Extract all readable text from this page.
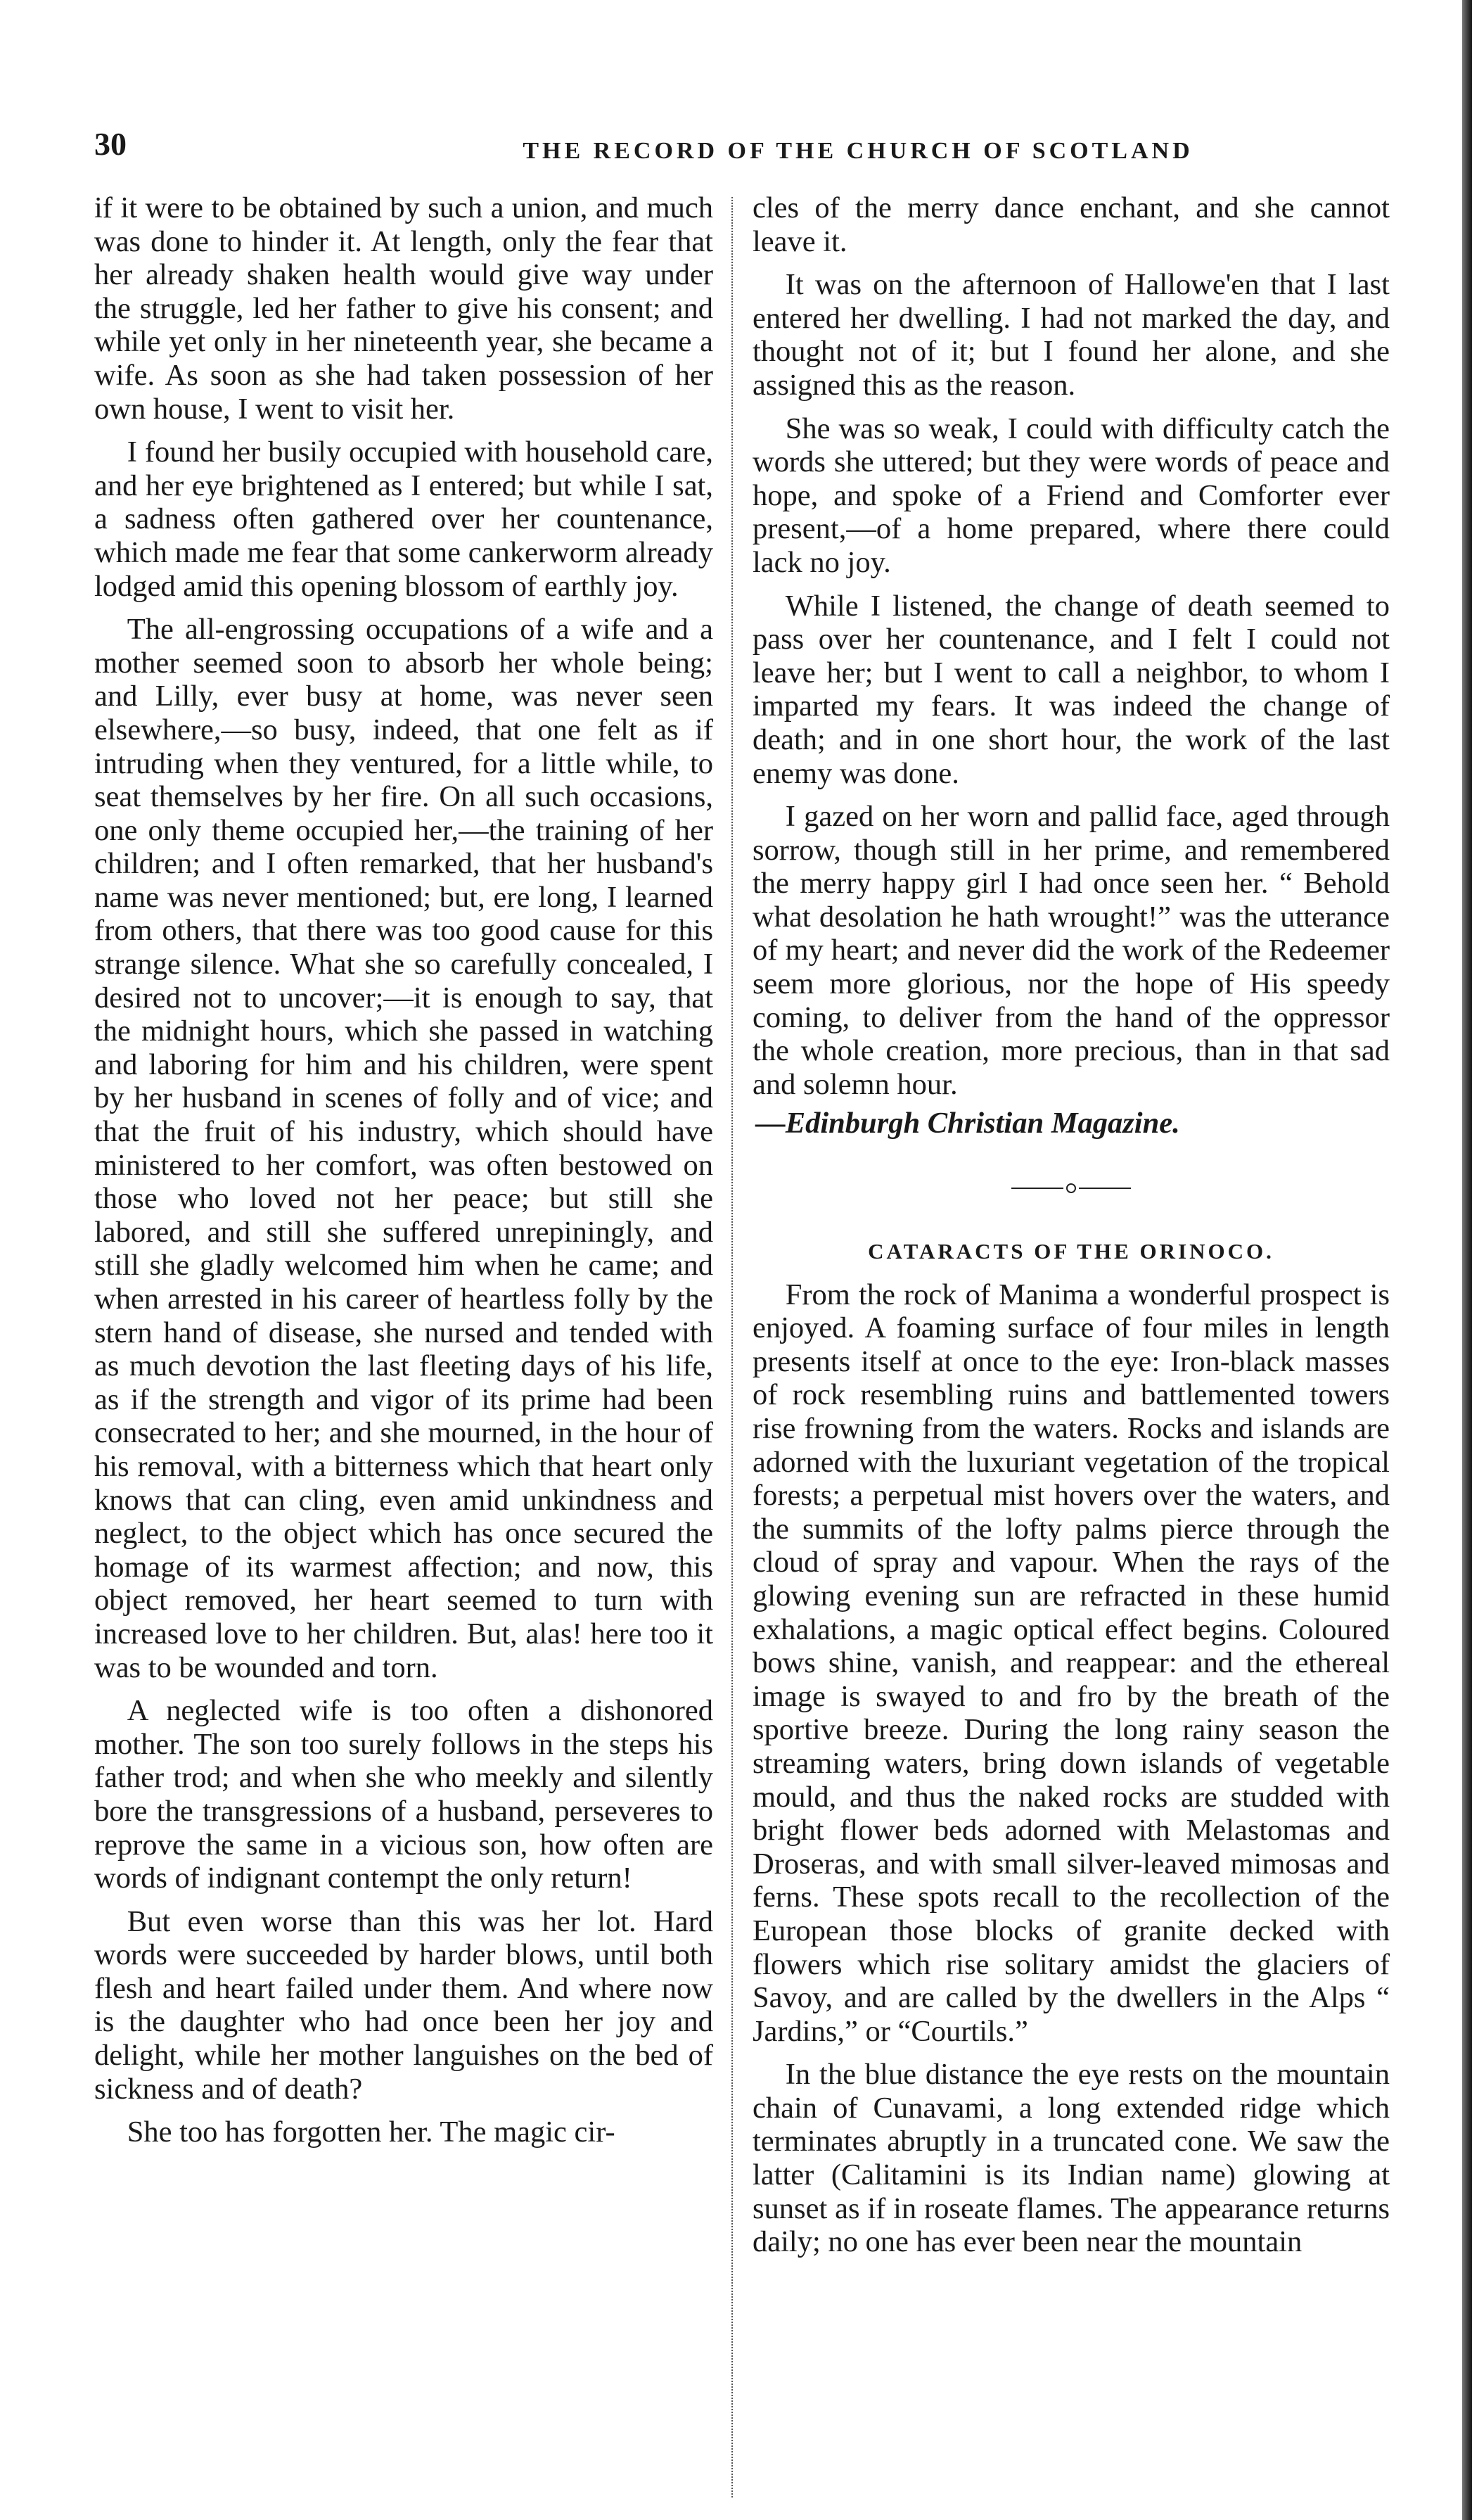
30	THE RECORD OF THE CHURCH OF SCOTLAND

if it were to be obtained by such a union, and much was done to hinder it. At length, only the fear that her already shaken health would give way under the struggle, led her father to give his consent; and while yet only in her nineteenth year, she became a wife. As soon as she had taken possession of her own house, I went to visit her.

I found her busily occupied with household care, and her eye brightened as I entered; but while I sat, a sadness often gathered over her countenance, which made me fear that some cankerworm already lodged amid this opening blossom of earthly joy.

The all-engrossing occupations of a wife and a mother seemed soon to absorb her whole being; and Lilly, ever busy at home, was never seen elsewhere,—so busy, indeed, that one felt as if intruding when they ventured, for a little while, to seat themselves by her fire. On all such occasions, one only theme occupied her,—the training of her children; and I often remarked, that her husband's name was never mentioned; but, ere long, I learned from others, that there was too good cause for this strange silence. What she so carefully concealed, I desired not to uncover;—it is enough to say, that the midnight hours, which she passed in watching and laboring for him and his children, were spent by her husband in scenes of folly and of vice; and that the fruit of his industry, which should have ministered to her comfort, was often bestowed on those who loved not her peace; but still she labored, and still she suffered unrepiningly, and still she gladly welcomed him when he came; and when arrested in his career of heartless folly by the stern hand of disease, she nursed and tended with as much devotion the last fleeting days of his life, as if the strength and vigor of its prime had been consecrated to her; and she mourned, in the hour of his removal, with a bitterness which that heart only knows that can cling, even amid unkindness and neglect, to the object which has once secured the homage of its warmest affection; and now, this object removed, her heart seemed to turn with increased love to her children. But, alas! here too it was to be wounded and torn.

A neglected wife is too often a dishonored mother. The son too surely follows in the steps his father trod; and when she who meekly and silently bore the transgressions of a husband, perseveres to reprove the same in a vicious son, how often are words of indignant contempt the only return!

But even worse than this was her lot. Hard words were succeeded by harder blows, until both flesh and heart failed under them. And where now is the daughter who had once been her joy and delight, while her mother languishes on the bed of sickness and of death?

She too has forgotten her. The magic cir-

cles of the merry dance enchant, and she cannot leave it.

It was on the afternoon of Hallowe'en that I last entered her dwelling. I had not marked the day, and thought not of it; but I found her alone, and she assigned this as the reason.

She was so weak, I could with difficulty catch the words she uttered; but they were words of peace and hope, and spoke of a Friend and Comforter ever present,—of a home prepared, where there could lack no joy.

While I listened, the change of death seemed to pass over her countenance, and I felt I could not leave her; but I went to call a neighbor, to whom I imparted my fears. It was indeed the change of death; and in one short hour, the work of the last enemy was done.

I gazed on her worn and pallid face, aged through sorrow, though still in her prime, and remembered the merry happy girl I had once seen her. “ Behold what desolation he hath wrought!” was the utterance of my heart; and never did the work of the Redeemer seem more glorious, nor the hope of His speedy coming, to deliver from the hand of the oppressor the whole creation, more precious, than in that sad and solemn hour.

—Edinburgh Christian Magazine.
CATARACTS OF THE ORINOCO.

From the rock of Manima a wonderful prospect is enjoyed. A foaming surface of four miles in length presents itself at once to the eye: Iron-black masses of rock resembling ruins and battlemented towers rise frowning from the waters. Rocks and islands are adorned with the luxuriant vegetation of the tropical forests; a perpetual mist hovers over the waters, and the summits of the lofty palms pierce through the cloud of spray and vapour. When the rays of the glowing evening sun are refracted in these humid exhalations, a magic optical effect begins. Coloured bows shine, vanish, and reappear: and the ethereal image is swayed to and fro by the breath of the sportive breeze. During the long rainy season the streaming waters, bring down islands of vegetable mould, and thus the naked rocks are studded with bright flower beds adorned with Melastomas and Droseras, and with small silver-leaved mimosas and ferns. These spots recall to the recollection of the European those blocks of granite decked with flowers which rise solitary amidst the glaciers of Savoy, and are called by the dwellers in the Alps “ Jardins,” or “Courtils.”

In the blue distance the eye rests on the mountain chain of Cunavami, a long extended ridge which terminates abruptly in a truncated cone. We saw the latter (Calitamini is its Indian name) glowing at sunset as if in roseate flames. The appearance returns daily; no one has ever been near the mountain
